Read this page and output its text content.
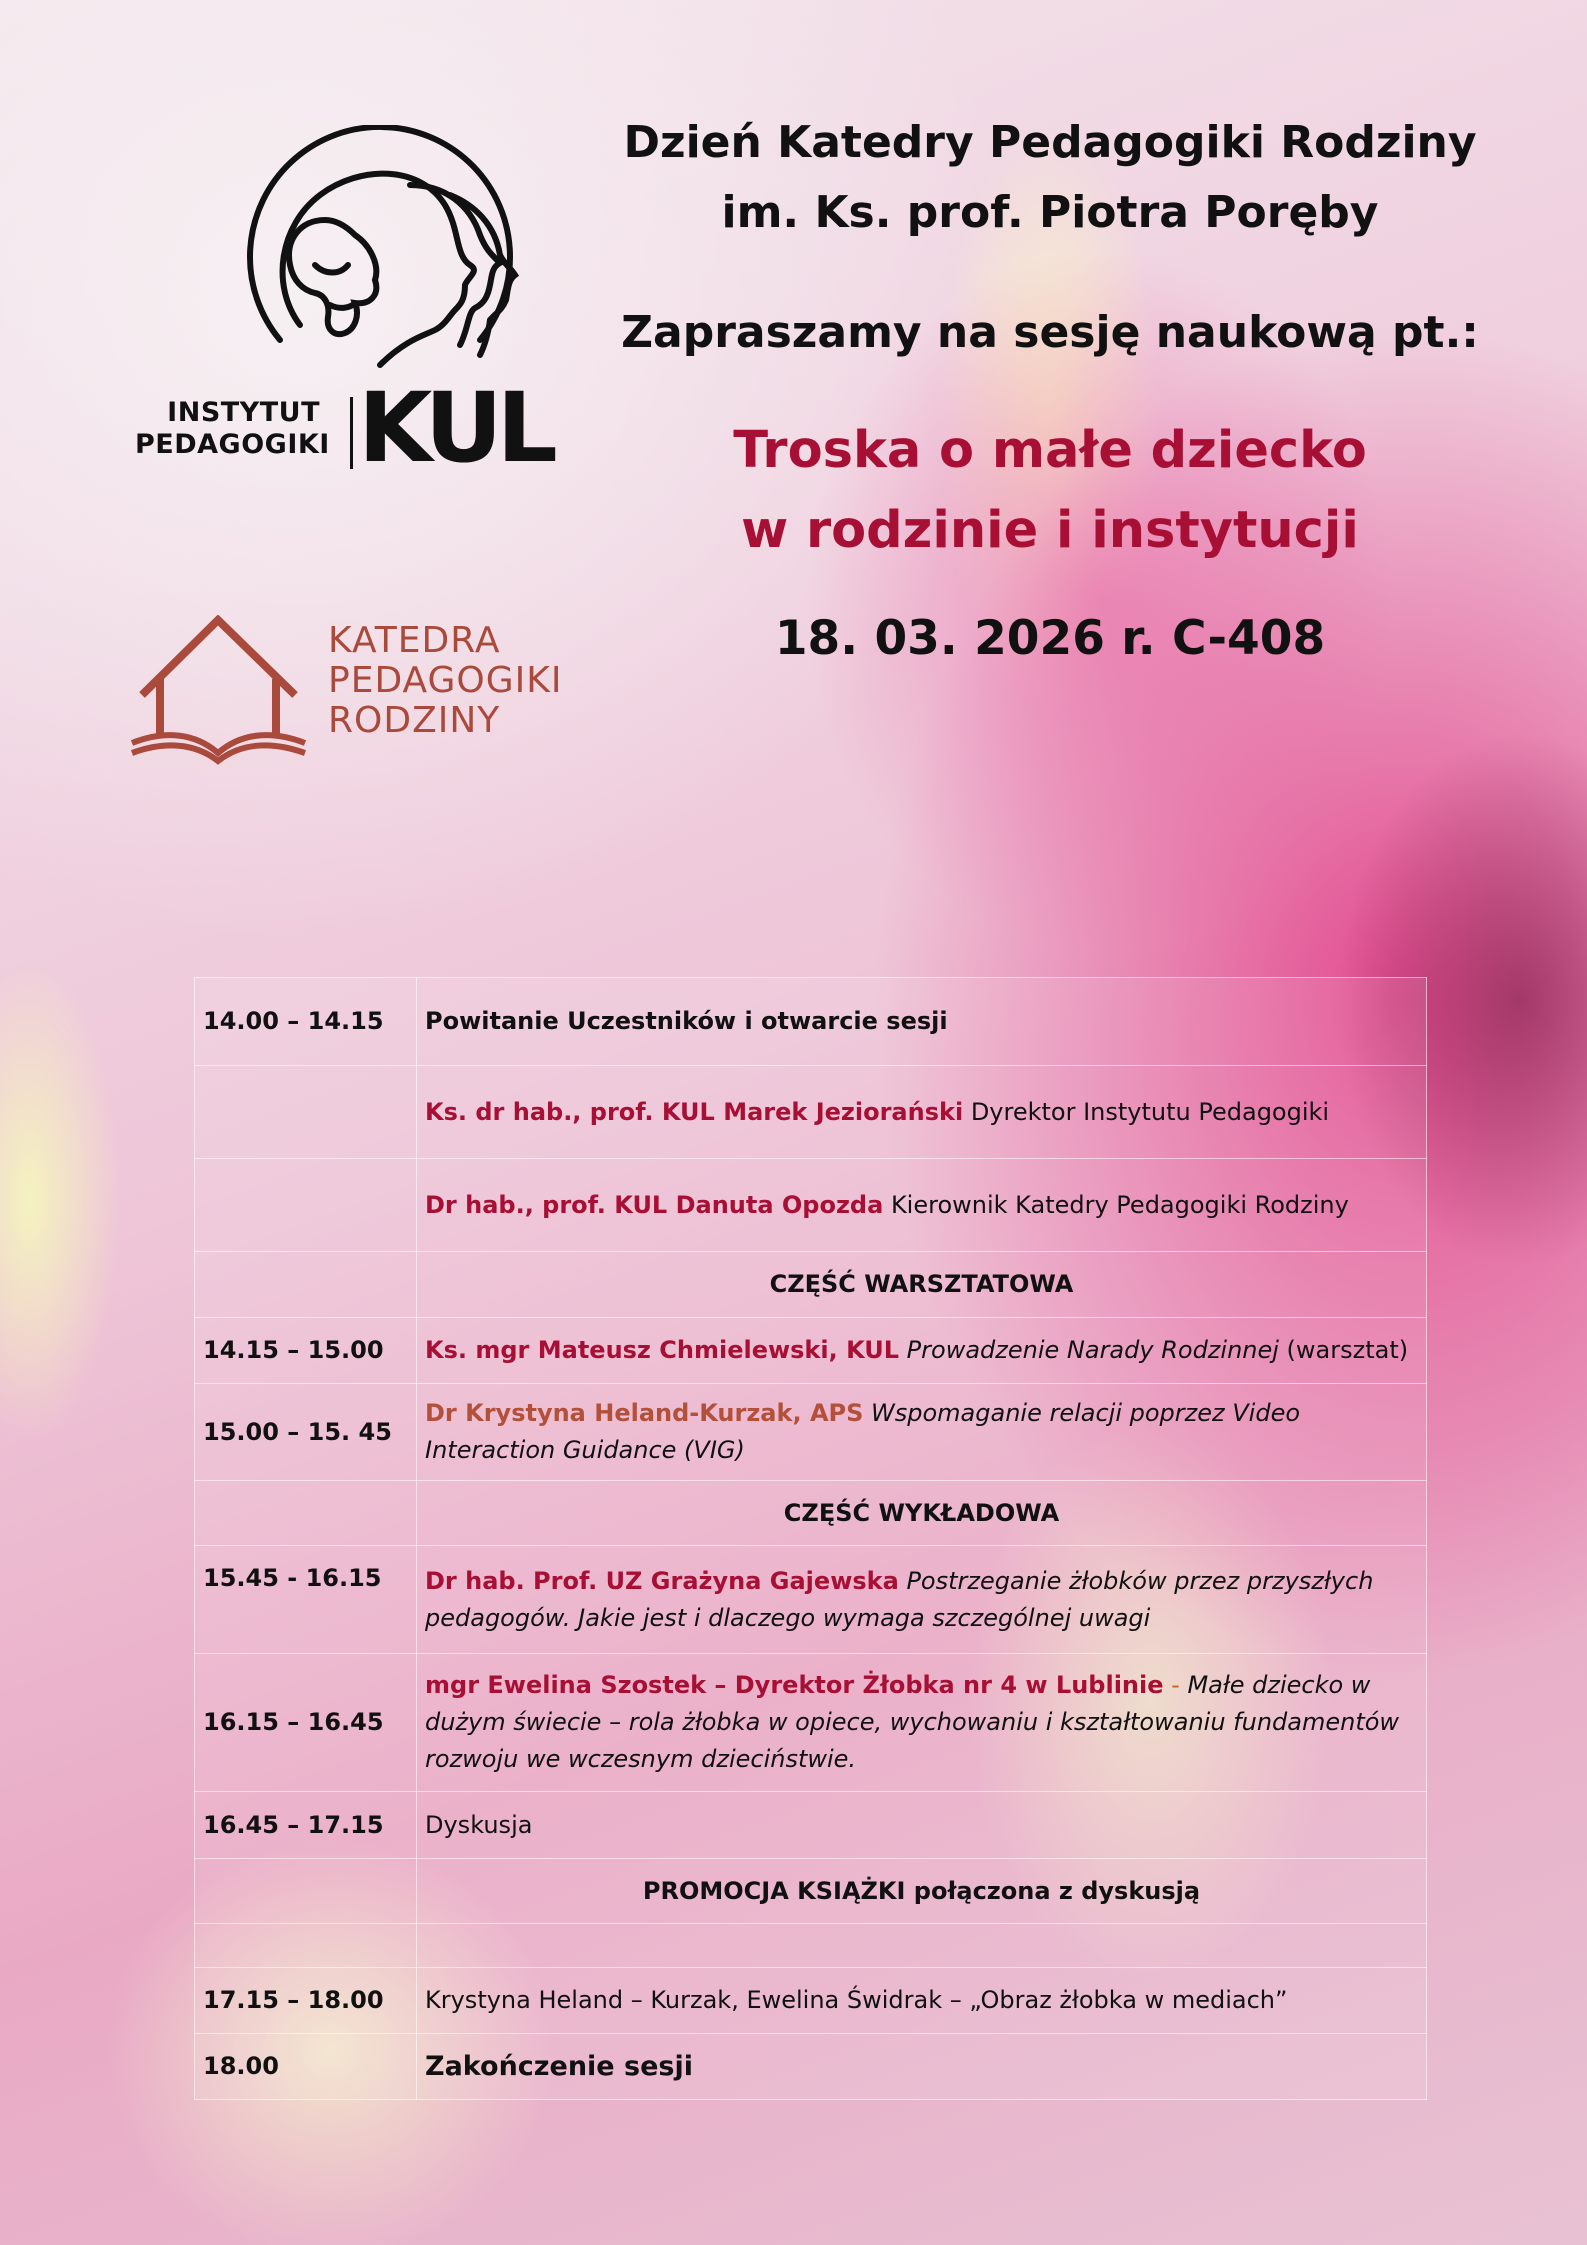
INSTYTUT
PEDAGOGIKI KUL
KATEDRA
PEDAGOGIKI
RODZINY
Dzień Katedry Pedagogiki Rodziny
im. Ks. prof. Piotra Poręby
Zapraszamy na sesję naukową pt.:
Troska o małe dziecko
w rodzinie i instytucji
18. 03. 2026 r. C-408
14.00 – 14.15	Powitanie Uczestników i otwarcie sesji
	Ks. dr hab., prof. KUL Marek Jeziorański Dyrektor Instytutu Pedagogiki
	Dr hab., prof. KUL Danuta Opozda Kierownik Katedry Pedagogiki Rodziny
	CZĘŚĆ WARSZTATOWA
14.15 – 15.00	Ks. mgr Mateusz Chmielewski, KUL Prowadzenie Narady Rodzinnej (warsztat)
15.00 – 15. 45	Dr Krystyna Heland-Kurzak, APS Wspomaganie relacji poprzez Video Interaction Guidance (VIG)
	CZĘŚĆ WYKŁADOWA
15.45 - 16.15	Dr hab. Prof. UZ Grażyna Gajewska Postrzeganie żłobków przez przyszłych pedagogów. Jakie jest i dlaczego wymaga szczególnej uwagi
16.15 – 16.45	mgr Ewelina Szostek – Dyrektor Żłobka nr 4 w Lublinie - Małe dziecko w dużym świecie – rola żłobka w opiece, wychowaniu i kształtowaniu fundamentów rozwoju we wczesnym dzieciństwie.
16.45 – 17.15	Dyskusja
	PROMOCJA KSIĄŻKI połączona z dyskusją

17.15 – 18.00	Krystyna Heland – Kurzak, Ewelina Świdrak – „Obraz żłobka w mediach”
18.00	Zakończenie sesji
